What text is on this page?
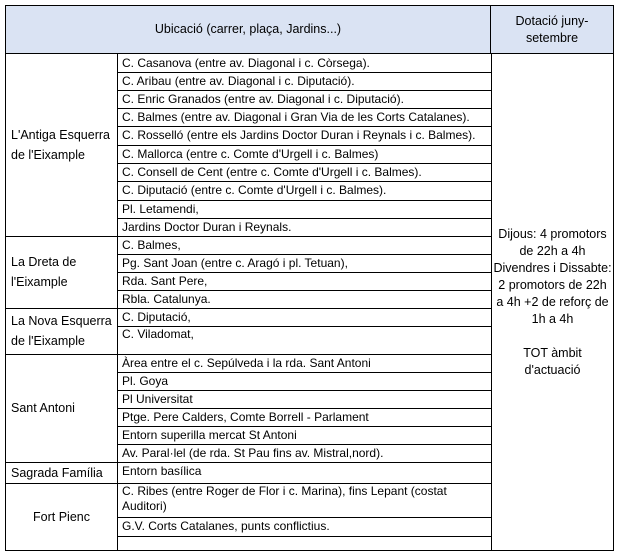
Ubicació (carrer, plaça, Jardins...)
Dotació juny-setembre
Dijous: 4 promotors
de 22h a 4h
Divendres i Dissabte:
2 promotors de 22h
a 4h +2 de reforç de
1h a 4h

TOT àmbit
d'actuació
L'Antiga Esquerra de l'Eixample
C. Casanova (entre av. Diagonal i c. Còrsega).
C. Aribau (entre av. Diagonal i c. Diputació).
C. Enric Granados (entre av. Diagonal i c. Diputació).
C. Balmes (entre av. Diagonal i Gran Via de les Corts Catalanes).
C. Rosselló (entre els Jardins Doctor Duran i Reynals i c. Balmes).
C. Mallorca (entre c. Comte d'Urgell i c. Balmes)
C. Consell de Cent (entre c. Comte d'Urgell i c. Balmes).
C. Diputació (entre c. Comte d'Urgell i c. Balmes).
Pl. Letamendi,
Jardins Doctor Duran i Reynals.
La Dreta de l'Eixample
C. Balmes,
Pg. Sant Joan (entre c. Aragó i pl. Tetuan),
Rda. Sant Pere,
Rbla. Catalunya.
La Nova Esquerra de l'Eixample
C. Diputació,
C. Viladomat,
Sant Antoni
Àrea entre el c. Sepúlveda i la rda. Sant Antoni
Pl. Goya
Pl Universitat
Ptge. Pere Calders, Comte Borrell - Parlament
Entorn superilla mercat St Antoni
Av. Paral·lel (de rda. St Pau fins av. Mistral,nord).
Sagrada Família	Entorn basílica
Fort Pienc
C. Ribes (entre Roger de Flor i c. Marina), fins Lepant (costat Auditori)
G.V. Corts Catalanes, punts conflictius.
